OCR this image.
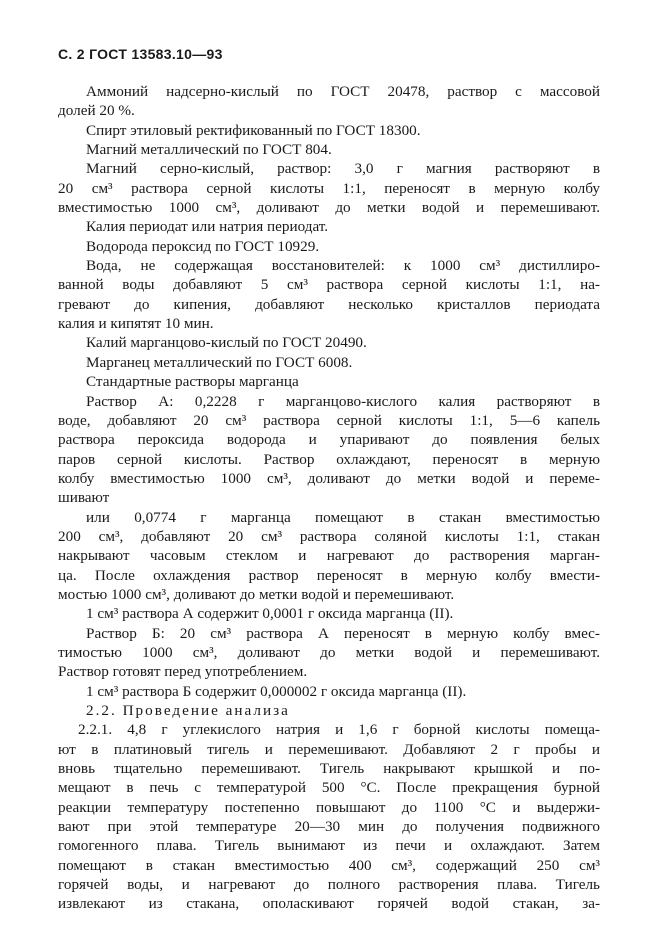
С. 2 ГОСТ 13583.10—93
Аммоний надсерно-кислый по ГОСТ 20478, раствор с массовой
долей 20 %.
Спирт этиловый ректификованный по ГОСТ 18300.
Магний металлический по ГОСТ 804.
Магний серно-кислый, раствор: 3,0 г магния растворяют в
20 см³ раствора серной кислоты 1:1, переносят в мерную колбу
вместимостью 1000 см³, доливают до метки водой и перемешивают.
Калия периодат или натрия периодат.
Водорода пероксид по ГОСТ 10929.
Вода, не содержащая восстановителей: к 1000 см³ дистиллиро-
ванной воды добавляют 5 см³ раствора серной кислоты 1:1, на-
гревают до кипения, добавляют несколько кристаллов периодата
калия и кипятят 10 мин.
Калий марганцово-кислый по ГОСТ 20490.
Марганец металлический по ГОСТ 6008.
Стандартные растворы марганца
Раствор А: 0,2228 г марганцово-кислого калия растворяют в
воде, добавляют 20 см³ раствора серной кислоты 1:1, 5—6 капель
раствора пероксида водорода и упаривают до появления белых
паров серной кислоты. Раствор охлаждают, переносят в мерную
колбу вместимостью 1000 см³, доливают до метки водой и переме-
шивают
или 0,0774 г марганца помещают в стакан вместимостью
200 см³, добавляют 20 см³ раствора соляной кислоты 1:1, стакан
накрывают часовым стеклом и нагревают до растворения марган-
ца. После охлаждения раствор переносят в мерную колбу вмести-
мостью 1000 см³, доливают до метки водой и перемешивают.
1 см³ раствора А содержит 0,0001 г оксида марганца (II).
Раствор Б: 20 см³ раствора А переносят в мерную колбу вмес-
тимостью 1000 см³, доливают до метки водой и перемешивают.
Раствор готовят перед употреблением.
1 см³ раствора Б содержит 0,000002 г оксида марганца (II).
2.2. Проведение анализа
2.2.1. 4,8 г углекислого натрия и 1,6 г борной кислоты помеща-
ют в платиновый тигель и перемешивают. Добавляют 2 г пробы и
вновь тщательно перемешивают. Тигель накрывают крышкой и по-
мещают в печь с температурой 500 °С. После прекращения бурной
реакции температуру постепенно повышают до 1100 °С и выдержи-
вают при этой температуре 20—30 мин до получения подвижного
гомогенного плава. Тигель вынимают из печи и охлаждают. Затем
помещают в стакан вместимостью 400 см³, содержащий 250 см³
горячей воды, и нагревают до полного растворения плава. Тигель
извлекают из стакана, ополаскивают горячей водой стакан, за-
